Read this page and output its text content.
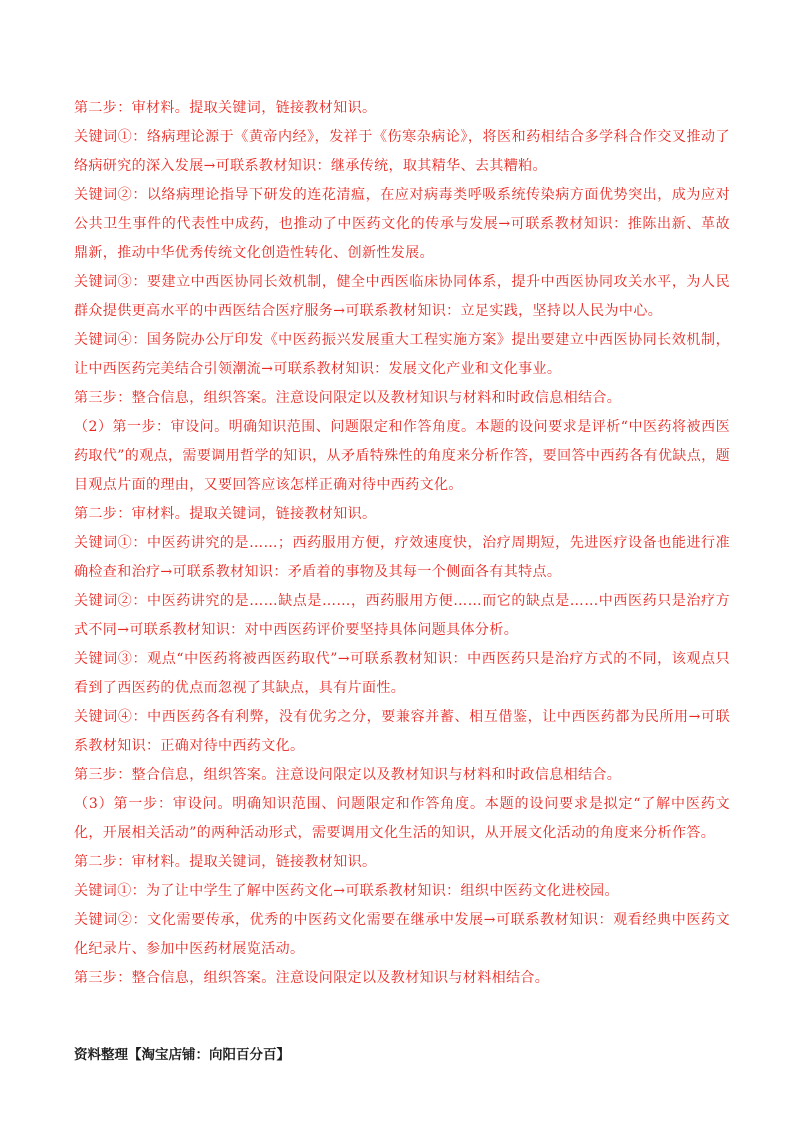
第二步：审材料。提取关键词，链接教材知识。

关键词①：络病理论源于《黄帝内经》，发祥于《伤寒杂病论》，将医和药相结合多学科合作交叉推动了络病研究的深入发展→可联系教材知识：继承传统，取其精华、去其糟粕。

关键词②：以络病理论指导下研发的连花清瘟，在应对病毒类呼吸系统传染病方面优势突出，成为应对公共卫生事件的代表性中成药，也推动了中医药文化的传承与发展→可联系教材知识：推陈出新、革故鼎新，推动中华优秀传统文化创造性转化、创新性发展。

关键词③：要建立中西医协同长效机制，健全中西医临床协同体系，提升中西医协同攻关水平，为人民群众提供更高水平的中西医结合医疗服务→可联系教材知识：立足实践，坚持以人民为中心。

关键词④：国务院办公厅印发《中医药振兴发展重大工程实施方案》提出要建立中西医协同长效机制，让中西医药完美结合引领潮流→可联系教材知识：发展文化产业和文化事业。

第三步：整合信息，组织答案。注意设问限定以及教材知识与材料和时政信息相结合。

（2）第一步：审设问。明确知识范围、问题限定和作答角度。本题的设问要求是评析“中医药将被西医药取代”的观点，需要调用哲学的知识，从矛盾特殊性的角度来分析作答，要回答中西药各有优缺点，题目观点片面的理由，又要回答应该怎样正确对待中西药文化。

第二步：审材料。提取关键词，链接教材知识。

关键词①：中医药讲究的是……；西药服用方便，疗效速度快，治疗周期短，先进医疗设备也能进行准确检查和治疗→可联系教材知识：矛盾着的事物及其每一个侧面各有其特点。

关键词②：中医药讲究的是……缺点是……，西药服用方便……而它的缺点是……中西医药只是治疗方式不同→可联系教材知识：对中西医药评价要坚持具体问题具体分析。

关键词③：观点“中医药将被西医药取代”→可联系教材知识：中西医药只是治疗方式的不同，该观点只看到了西医药的优点而忽视了其缺点，具有片面性。

关键词④：中西医药各有利弊，没有优劣之分，要兼容并蓄、相互借鉴，让中西医药都为民所用→可联系教材知识：正确对待中西药文化。

第三步：整合信息，组织答案。注意设问限定以及教材知识与材料和时政信息相结合。

（3）第一步：审设问。明确知识范围、问题限定和作答角度。本题的设问要求是拟定“了解中医药文化，开展相关活动”的两种活动形式，需要调用文化生活的知识，从开展文化活动的角度来分析作答。

第二步：审材料。提取关键词，链接教材知识。

关键词①：为了让中学生了解中医药文化→可联系教材知识：组织中医药文化进校园。

关键词②：文化需要传承，优秀的中医药文化需要在继承中发展→可联系教材知识：观看经典中医药文化纪录片、参加中医药材展览活动。

第三步：整合信息，组织答案。注意设问限定以及教材知识与材料相结合。

资料整理【淘宝店铺：向阳百分百】
